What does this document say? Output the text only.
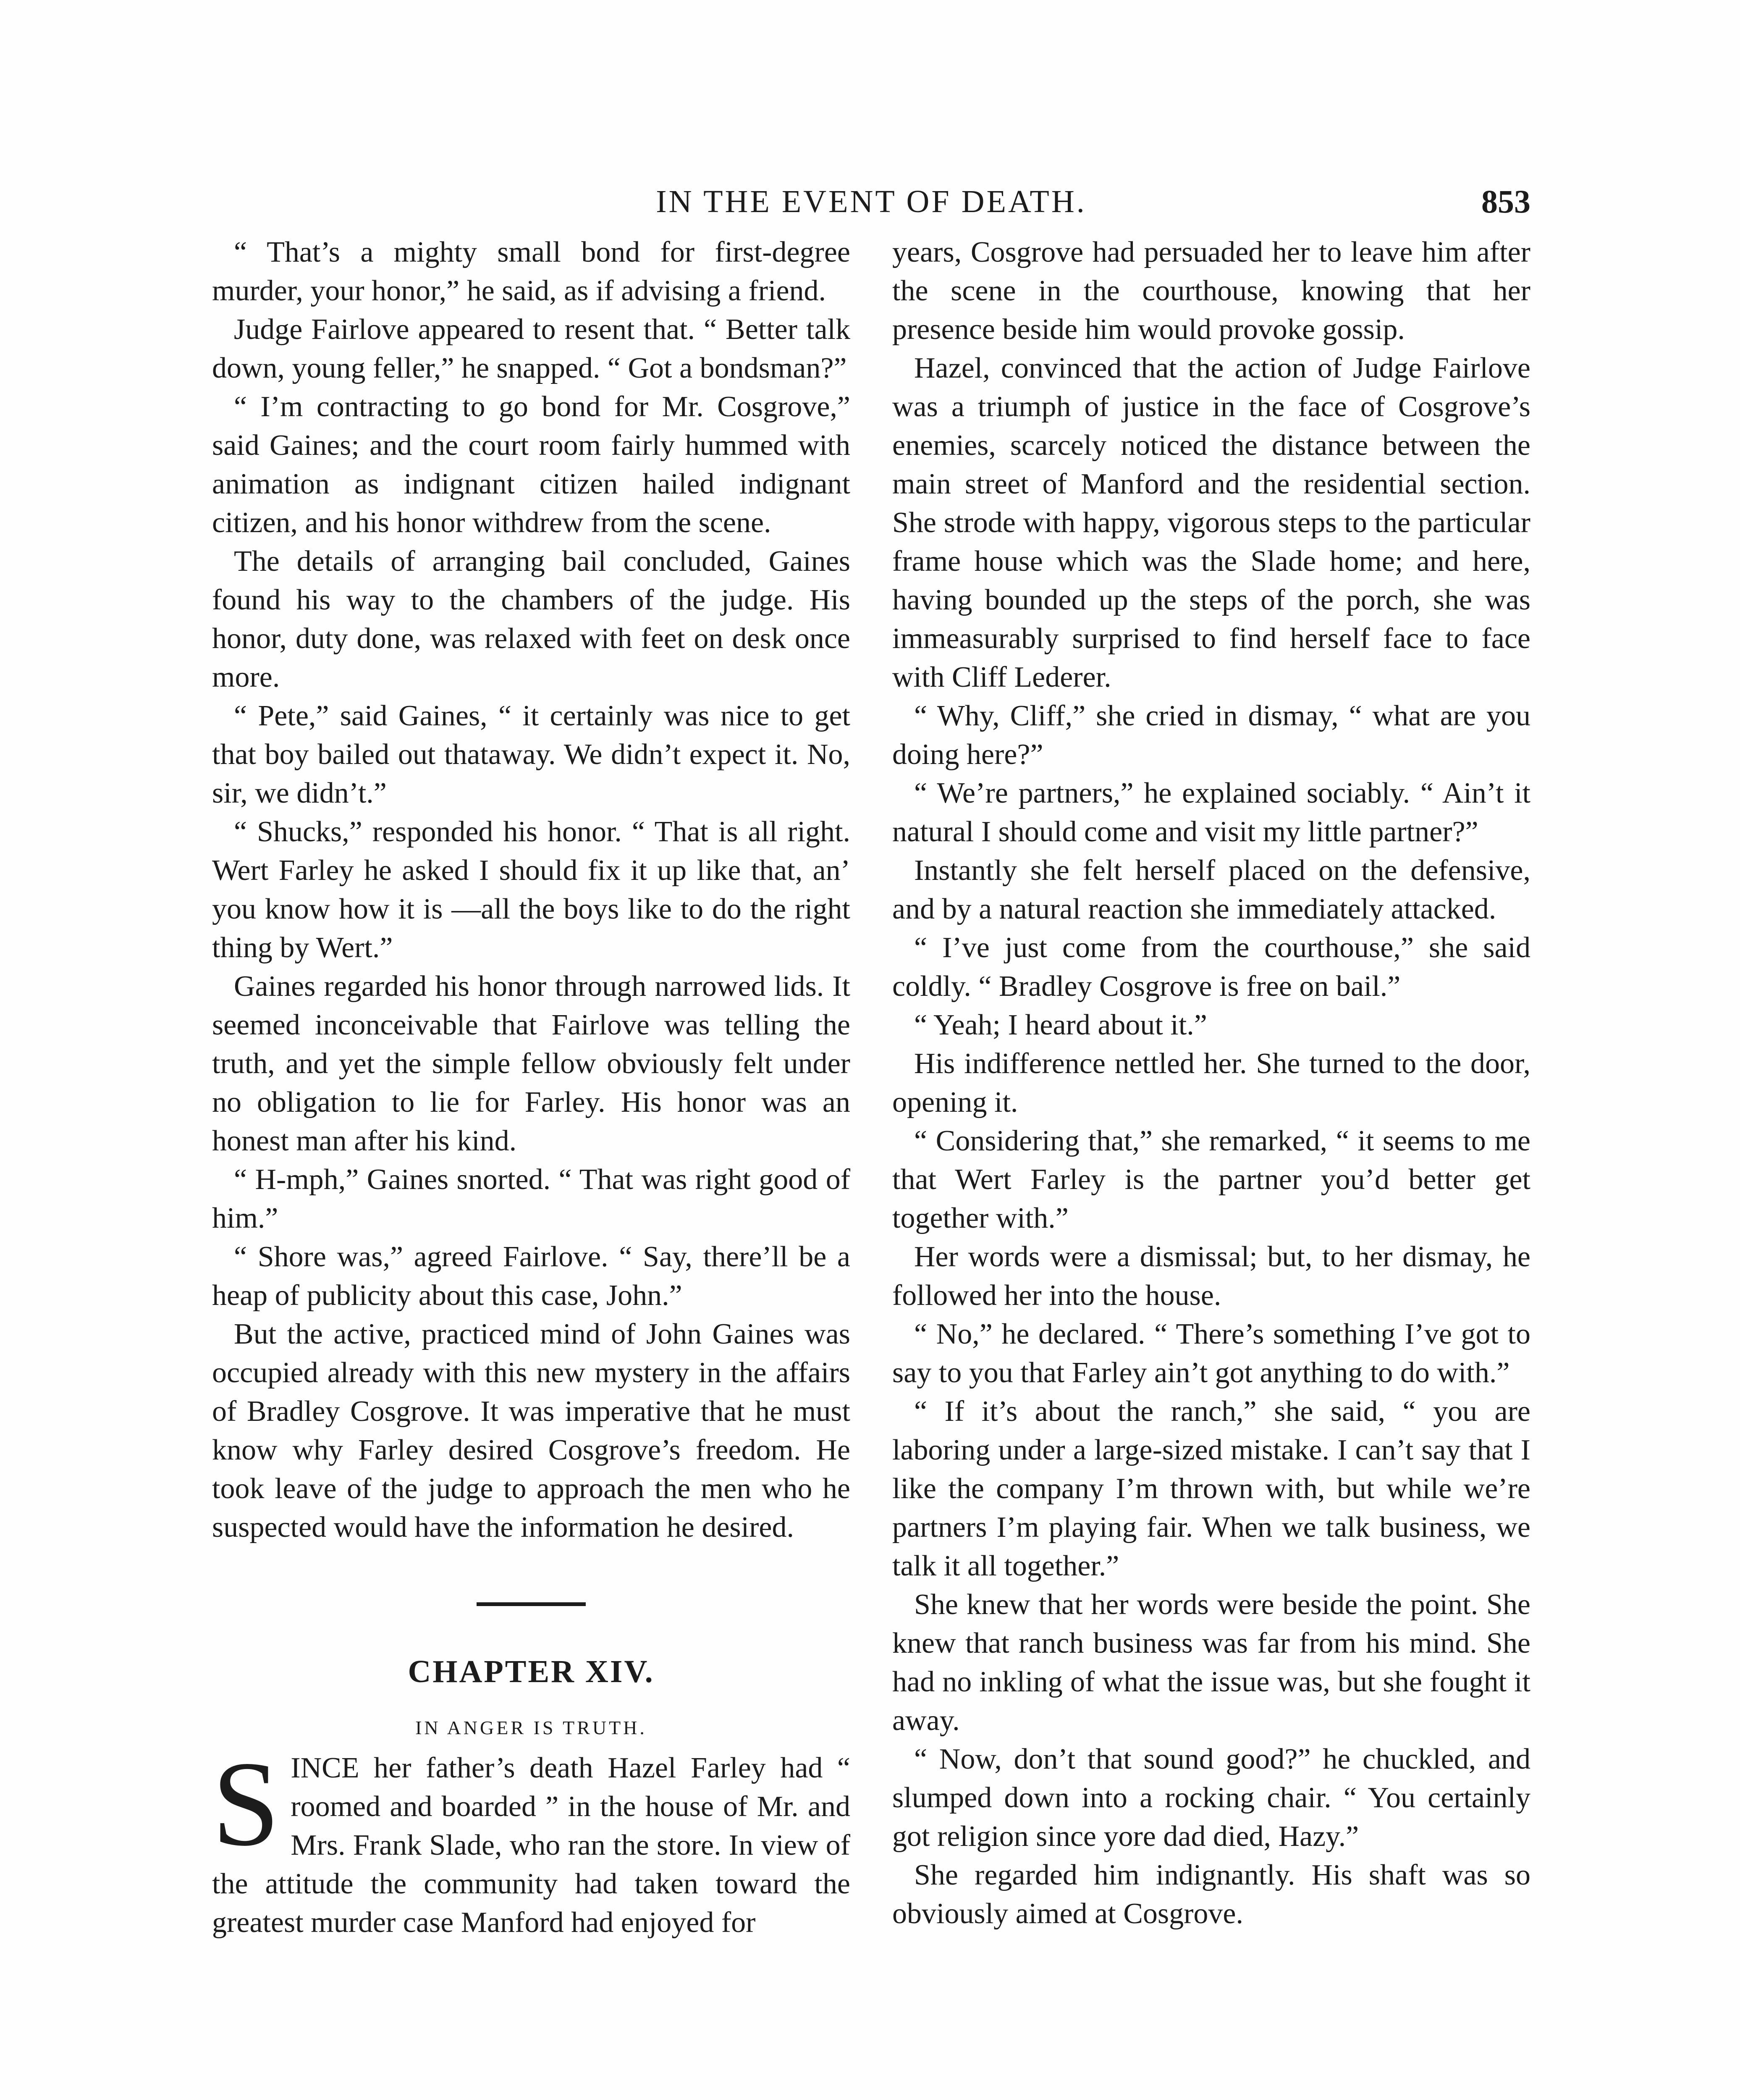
IN THE EVENT OF DEATH.	853

“ That’s a mighty small bond for first-degree murder, your honor,” he said, as if advising a friend.

Judge Fairlove appeared to resent that. “ Better talk down, young feller,” he snapped. “ Got a bondsman?”

“ I’m contracting to go bond for Mr. Cosgrove,” said Gaines; and the court room fairly hummed with animation as indignant citizen hailed indignant citizen, and his honor withdrew from the scene.

The details of arranging bail concluded, Gaines found his way to the chambers of the judge. His honor, duty done, was relaxed with feet on desk once more.

“ Pete,” said Gaines, “ it certainly was nice to get that boy bailed out thataway. We didn’t expect it. No, sir, we didn’t.”

“ Shucks,” responded his honor. “ That is all right. Wert Farley he asked I should fix it up like that, an’ you know how it is —all the boys like to do the right thing by Wert.”

Gaines regarded his honor through narrowed lids. It seemed inconceivable that Fairlove was telling the truth, and yet the simple fellow obviously felt under no obligation to lie for Farley. His honor was an honest man after his kind.

“ H-mph,” Gaines snorted. “ That was right good of him.”

“ Shore was,” agreed Fairlove. “ Say, there’ll be a heap of publicity about this case, John.”

But the active, practiced mind of John Gaines was occupied already with this new mystery in the affairs of Bradley Cosgrove. It was imperative that he must know why Farley desired Cosgrove’s freedom. He took leave of the judge to approach the men who he suspected would have the information he desired.

CHAPTER XIV.
IN ANGER IS TRUTH.

S INCE her father’s death Hazel Farley had “ roomed and boarded ” in the house of Mr. and Mrs. Frank Slade, who ran the store. In view of the attitude the community had taken toward the greatest murder case Manford had enjoyed for

years, Cosgrove had persuaded her to leave him after the scene in the courthouse, knowing that her presence beside him would provoke gossip.

Hazel, convinced that the action of Judge Fairlove was a triumph of justice in the face of Cosgrove’s enemies, scarcely noticed the distance between the main street of Manford and the residential section. She strode with happy, vigorous steps to the particular frame house which was the Slade home; and here, having bounded up the steps of the porch, she was immeasurably surprised to find herself face to face with Cliff Lederer.

“ Why, Cliff,” she cried in dismay, “ what are you doing here?”

“ We’re partners,” he explained sociably. “ Ain’t it natural I should come and visit my little partner?”

Instantly she felt herself placed on the defensive, and by a natural reaction she immediately attacked.

“ I’ve just come from the courthouse,” she said coldly. “ Bradley Cosgrove is free on bail.”

“ Yeah; I heard about it.”

His indifference nettled her. She turned to the door, opening it.

“ Considering that,” she remarked, “ it seems to me that Wert Farley is the partner you’d better get together with.”

Her words were a dismissal; but, to her dismay, he followed her into the house.

“ No,” he declared. “ There’s something I’ve got to say to you that Farley ain’t got anything to do with.”

“ If it’s about the ranch,” she said, “ you are laboring under a large-sized mistake. I can’t say that I like the company I’m thrown with, but while we’re partners I’m playing fair. When we talk business, we talk it all together.”

She knew that her words were beside the point. She knew that ranch business was far from his mind. She had no inkling of what the issue was, but she fought it away.

“ Now, don’t that sound good?” he chuckled, and slumped down into a rocking chair. “ You certainly got religion since yore dad died, Hazy.”

She regarded him indignantly. His shaft was so obviously aimed at Cosgrove.
